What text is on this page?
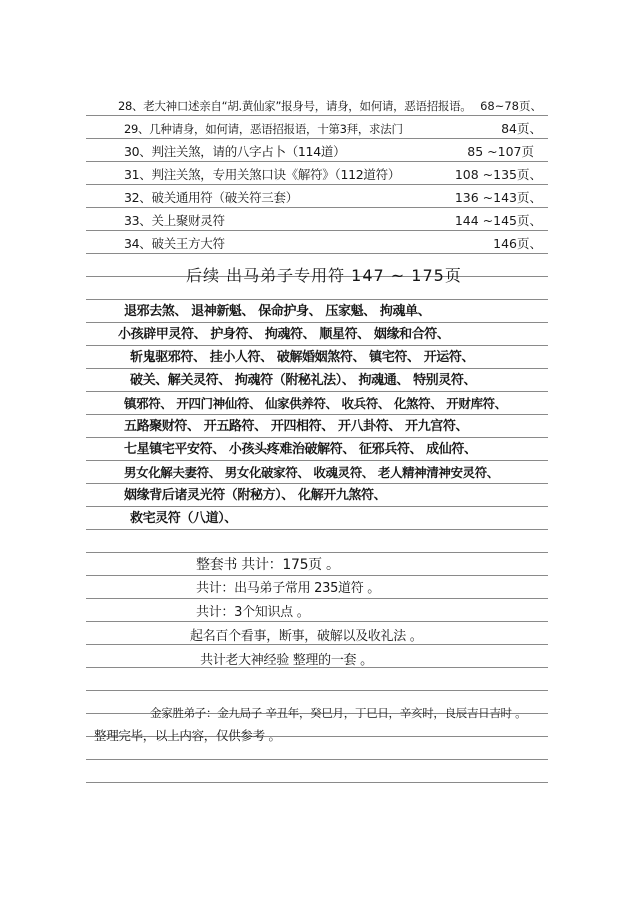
28、老大神口述亲自“胡.黄仙家”报身号，请身，如何请，恶语招报语。 68~78页、
29、几种请身，如何请，恶语招报语，十第3拜，求法门	84页、
30、判注关煞，请的八字占卜（114道）	85 ~107页
31、判注关煞，专用关煞口诀《解符》（112道符）	108 ~135页、
32、破关通用符（破关符三套）	136 ~143页、
33、关上聚财灵符	144 ~145页、
34、破关王方大符	146页、
后续 出马弟子专用符 147 ~ 175页
退邪去煞、 退神新魁、 保命护身、 压家魁、 拘魂单、
小孩辟甲灵符、 护身符、 拘魂符、 顺星符、 姻缘和合符、
斩鬼驱邪符、 挂小人符、 破解婚姻煞符、 镇宅符、 开运符、
破关、解关灵符、 拘魂符（附秘礼法）、 拘魂通、 特别灵符、
镇邪符、 开四门神仙符、 仙家供养符、 收兵符、 化煞符、 开财库符、
五路聚财符、 开五路符、 开四相符、 开八卦符、 开九宫符、
七星镇宅平安符、 小孩头疼难治破解符、 征邪兵符、 成仙符、
男女化解夫妻符、 男女化破家符、 收魂灵符、 老人精神清神安灵符、
姻缘背后诸灵光符（附秘方）、 化解开九煞符、
救宅灵符（八道）、
整套书 共计：175页 。
共计：出马弟子常用 235道符 。
共计：3个知识点 。
起名百个看事，断事，破解以及收礼法 。
共计老大神经验 整理的一套 。
金家胜弟子：金九局子 辛丑年，癸巳月，丁巳日，辛亥时，良辰吉日吉时 。
整理完毕，以上内容，仅供参考 。
